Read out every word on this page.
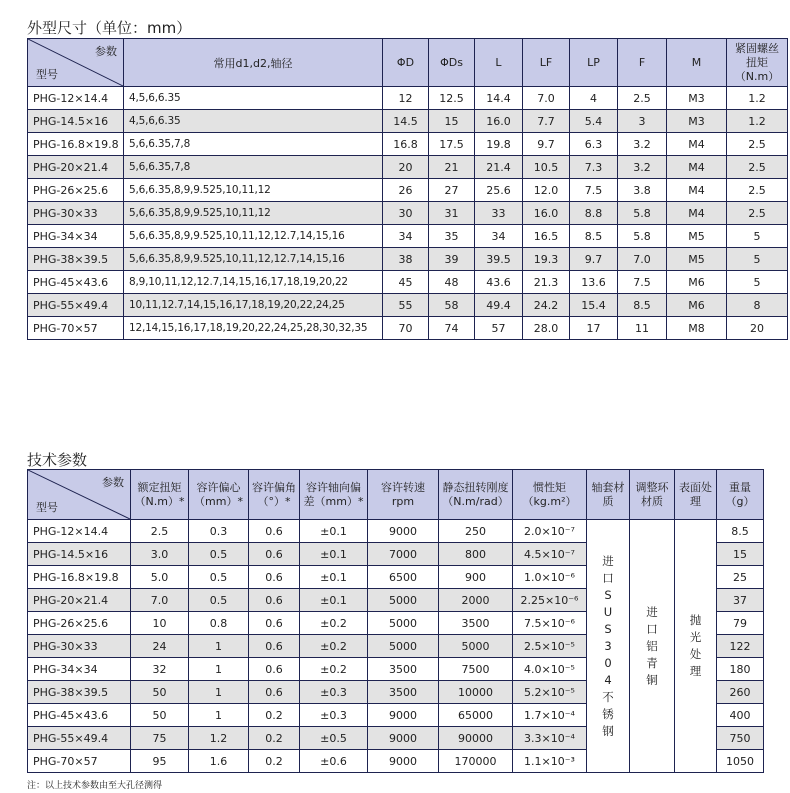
外型尺寸（单位：mm）
参数
型号	常用d1,d2,轴径	ΦD	ΦDs	L	LF	LP	F	M	紧固螺丝扭矩（N.m）

PHG-12×14.4	4,5,6,6.35	12	12.5	14.4	7.0	4	2.5	M3	1.2
PHG-14.5×16	4,5,6,6.35	14.5	15	16.0	7.7	5.4	3	M3	1.2
PHG-16.8×19.8	5,6,6.35,7,8	16.8	17.5	19.8	9.7	6.3	3.2	M4	2.5
PHG-20×21.4	5,6,6.35,7,8	20	21	21.4	10.5	7.3	3.2	M4	2.5
PHG-26×25.6	5,6,6.35,8,9,9.525,10,11,12	26	27	25.6	12.0	7.5	3.8	M4	2.5
PHG-30×33	5,6,6.35,8,9,9.525,10,11,12	30	31	33	16.0	8.8	5.8	M4	2.5
PHG-34×34	5,6,6.35,8,9,9.525,10,11,12,12.7,14,15,16	34	35	34	16.5	8.5	5.8	M5	5
PHG-38×39.5	5,6,6.35,8,9,9.525,10,11,12,12.7,14,15,16	38	39	39.5	19.3	9.7	7.0	M5	5
PHG-45×43.6	8,9,10,11,12,12.7,14,15,16,17,18,19,20,22	45	48	43.6	21.3	13.6	7.5	M6	5
PHG-55×49.4	10,11,12.7,14,15,16,17,18,19,20,22,24,25	55	58	49.4	24.2	15.4	8.5	M6	8
PHG-70×57	12,14,15,16,17,18,19,20,22,24,25,28,30,32,35	70	74	57	28.0	17	11	M8	20
技术参数
参数
型号	额定扭矩（N.m）*	容许偏心（mm）*	容许偏角（°）*	容许轴向偏差（mm）*	容许转速rpm	静态扭转刚度（N.m/rad）	惯性矩（kg.m²）	轴套材质	调整环材质	表面处理	重量（g）

PHG-12×14.4	2.5	0.3	0.6	±0.1	9000	250	2.0×10⁻⁷	进口SUS304不锈钢	进口铝青铜	抛光处理	8.5
PHG-14.5×16	3.0	0.5	0.6	±0.1	7000	800	4.5×10⁻⁷				15
PHG-16.8×19.8	5.0	0.5	0.6	±0.1	6500	900	1.0×10⁻⁶				25
PHG-20×21.4	7.0	0.5	0.6	±0.1	5000	2000	2.25×10⁻⁶				37
PHG-26×25.6	10	0.8	0.6	±0.2	5000	3500	7.5×10⁻⁶				79
PHG-30×33	24	1	0.6	±0.2	5000	5000	2.5×10⁻⁵				122
PHG-34×34	32	1	0.6	±0.2	3500	7500	4.0×10⁻⁵				180
PHG-38×39.5	50	1	0.6	±0.3	3500	10000	5.2×10⁻⁵				260
PHG-45×43.6	50	1	0.2	±0.3	9000	65000	1.7×10⁻⁴				400
PHG-55×49.4	75	1.2	0.2	±0.5	9000	90000	3.3×10⁻⁴				750
PHG-70×57	95	1.6	0.2	±0.6	9000	170000	1.1×10⁻³				1050
注：以上技术参数由至大孔径测得
